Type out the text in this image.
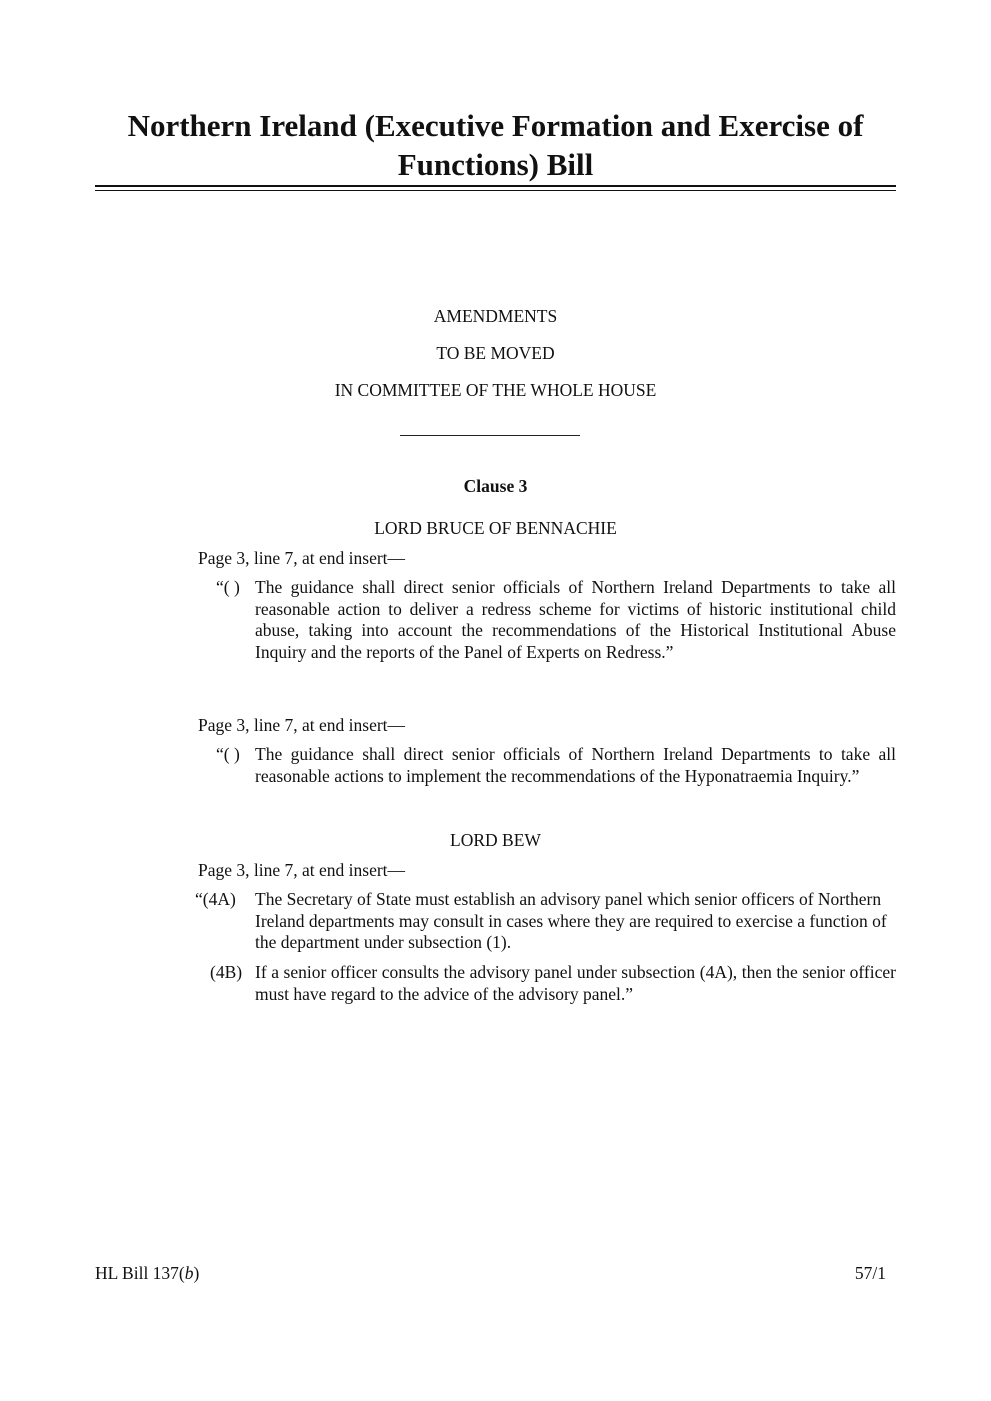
Northern Ireland (Executive Formation and Exercise of Functions) Bill
AMENDMENTS
TO BE MOVED
IN COMMITTEE OF THE WHOLE HOUSE
Clause 3
LORD BRUCE OF BENNACHIE
Page 3, line 7, at end insert—
“( ) The guidance shall direct senior officials of Northern Ireland Departments to take all reasonable action to deliver a redress scheme for victims of historic institutional child abuse, taking into account the recommendations of the Historical Institutional Abuse Inquiry and the reports of the Panel of Experts on Redress.”
Page 3, line 7, at end insert—
“( ) The guidance shall direct senior officials of Northern Ireland Departments to take all reasonable actions to implement the recommendations of the Hyponatraemia Inquiry.”
LORD BEW
Page 3, line 7, at end insert—
“(4A) The Secretary of State must establish an advisory panel which senior officers of Northern Ireland departments may consult in cases where they are required to exercise a function of the department under subsection (1).
(4B) If a senior officer consults the advisory panel under subsection (4A), then the senior officer must have regard to the advice of the advisory panel.”
HL Bill 137(b)	57/1
